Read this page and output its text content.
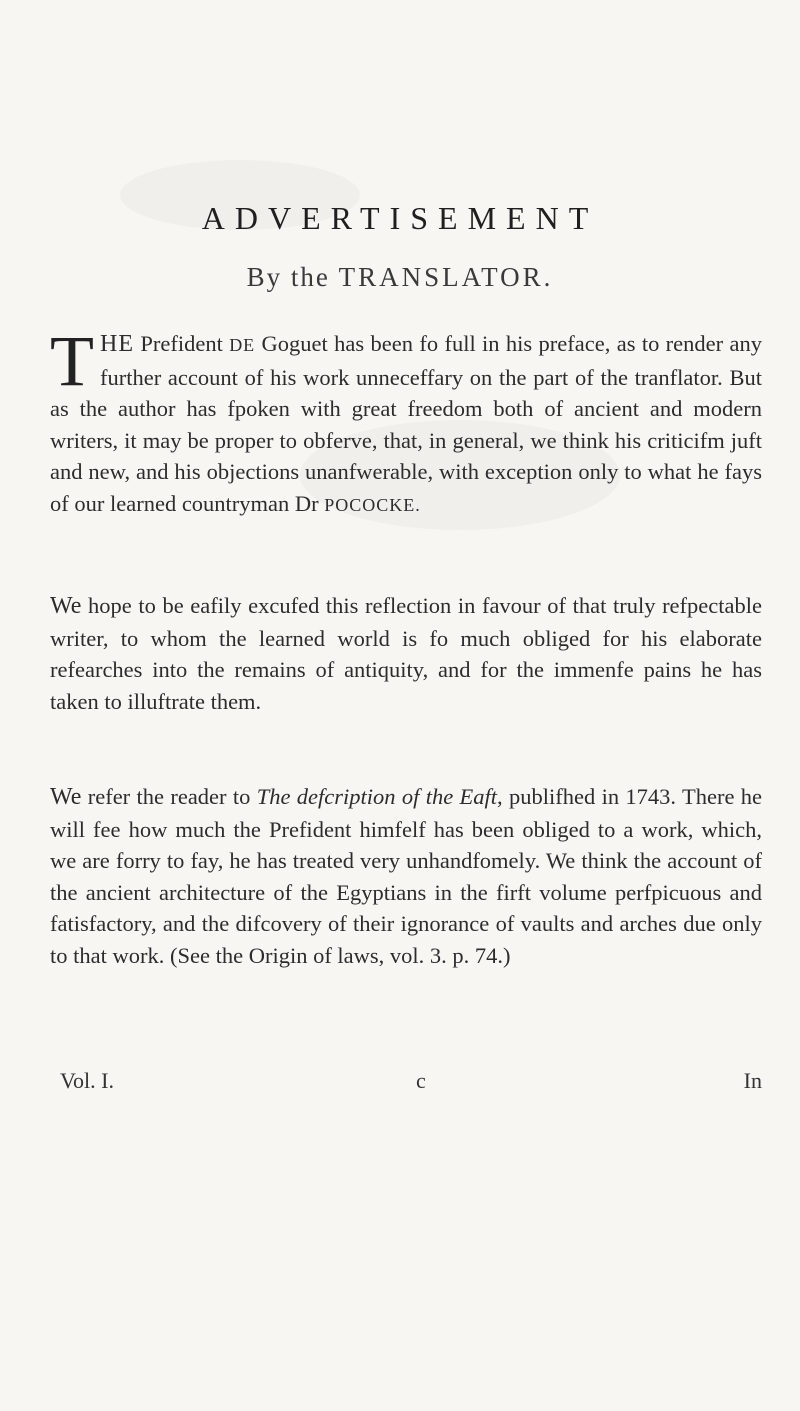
ADVERTISEMENT
By the TRANSLATOR.
THE Prefident DE Goguet has been fo full in his preface, as to render any further account of his work unneceffary on the part of the tranflator. But as the author has fpoken with great freedom both of ancient and modern writers, it may be proper to obferve, that, in general, we think his criticifm juft and new, and his objections unanfwerable, with exception only to what he fays of our learned countryman Dr POCOCKE.
We hope to be eafily excufed this reflection in favour of that truly refpectable writer, to whom the learned world is fo much obliged for his elaborate refearches into the remains of antiquity, and for the immenfe pains he has taken to illuftrate them.
We refer the reader to The defcription of the Eaft, publifhed in 1743. There he will fee how much the Prefident himfelf has been obliged to a work, which, we are forry to fay, he has treated very unhandfomely. We think the account of the ancient architecture of the Egyptians in the firft volume perfpicuous and fatisfactory, and the difcovery of their ignorance of vaults and arches due only to that work. (See the Origin of laws, vol. 3. p. 74.)
Vol. I.	c	In
